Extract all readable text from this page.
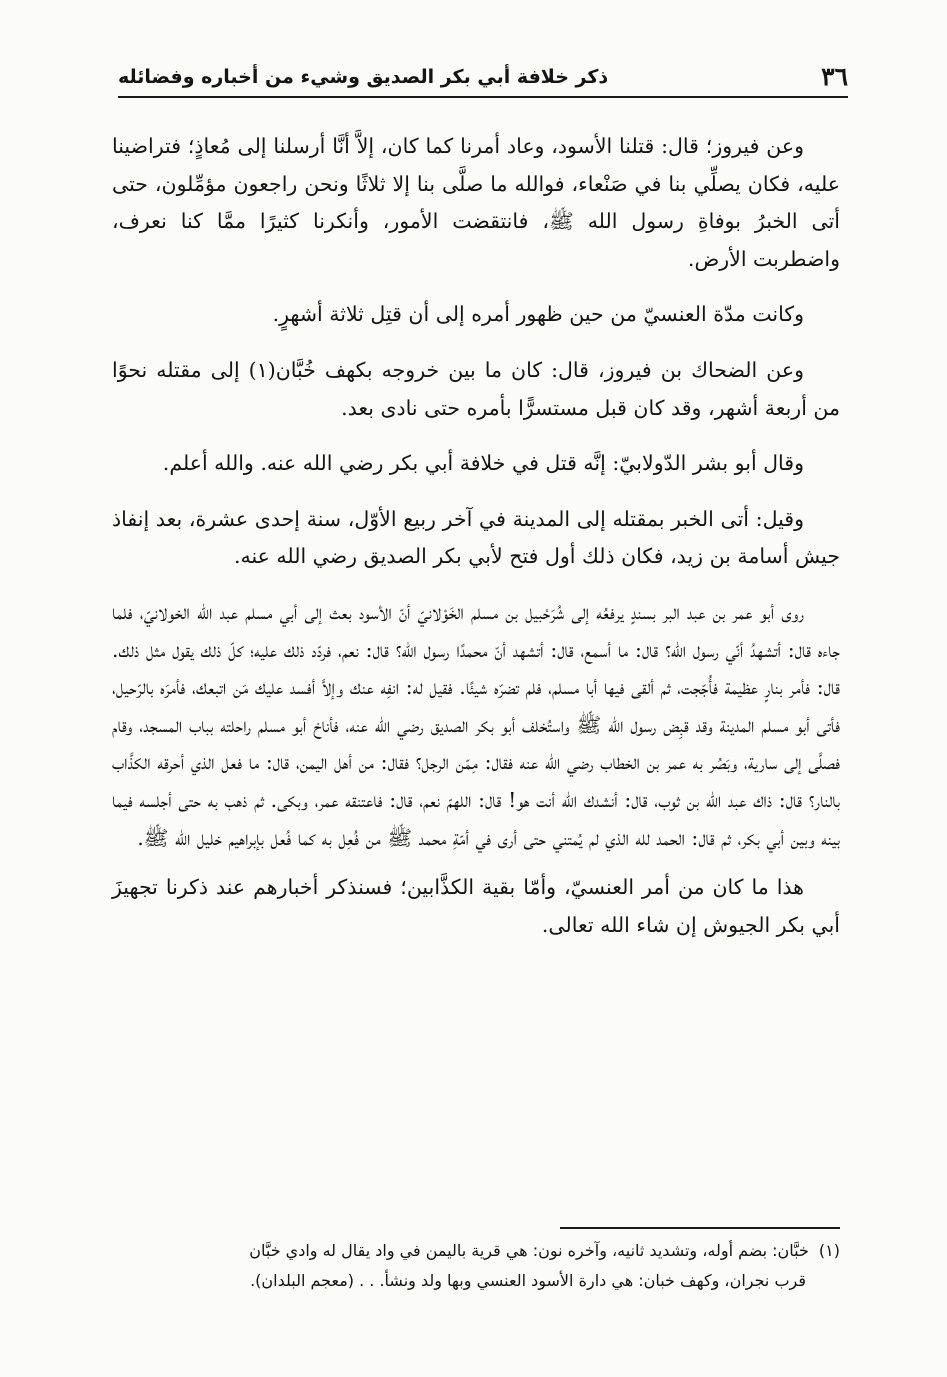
٣٦
ذكر خلافة أبي بكر الصديق وشيء من أخباره وفضائله

وعن فيروز؛ قال: قتلنا الأسود، وعاد أمرنا كما كان، إلاَّ أنَّا أرسلنا إلى مُعاذٍ؛ فتراضينا عليه، فكان يصلِّي بنا في صَنْعاء، فوالله ما صلَّى بنا إلا ثلاثًا ونحن راجعون مؤمِّلون، حتى أتى الخبرُ بوفاةِ رسول الله ﷺ، فانتقضت الأمور، وأنكرنا كثيرًا ممَّا كنا نعرف، واضطربت الأرض.

وكانت مدّة العنسيّ من حين ظهور أمره إلى أن قتِل ثلاثة أشهرٍ.

وعن الضحاك بن فيروز، قال: كان ما بين خروجه بكهف خُبَّان(١) إلى مقتله نحوًا من أربعة أشهر، وقد كان قبل مستسرًّا بأمره حتى نادى بعد.

وقال أبو بشر الدّولابيّ: إنَّه قتل في خلافة أبي بكر رضي الله عنه. والله أعلم.

وقيل: أتى الخبر بمقتله إلى المدينة في آخر ربيع الأوّل، سنة إحدى عشرة، بعد إنفاذ جيش أسامة بن زيد، فكان ذلك أول فتح لأبي بكر الصديق رضي الله عنه.

روى أبو عمر بن عبد البر بسندٍ يرفعُه إلى شُرَحْبيل بن مسلم الخَوْلانيّ أنّ الأسود بعث إلى أبي مسلم عبد الله الخولانيّ، فلما جاءه قال: أتشهدُ أنّي رسول الله؟ قال: ما أسمع، قال: أتشهد أنّ محمدًا رسول الله؟ قال: نعم، فردّد ذلك عليه؛ كلّ ذلك يقول مثل ذلك. قال: فأمر بنارٍ عظيمة فأُجّجت، ثم ألقى فيها أبا مسلم، فلم تضرّه شيئًا. فقيل له: انفِه عنك وإلاَّ أفسد عليك مَن اتبعك، فأمرَه بالرّحيل، فأتى أبو مسلم المدينة وقد قبِض رسول الله ﷺ واستُخلف أبو بكر الصديق رضي الله عنه، فأناخ أبو مسلم راحلته بباب المسجد، وقام فصلَّى إلى سارية، وبَصُر به عمر بن الخطاب رضي الله عنه فقال: مِمّن الرجل؟ فقال: من أهل اليمن، قال: ما فعل الذي أحرقه الكذَّاب بالنار؟ قال: ذاك عبد الله بن ثوب، قال: أنشدك الله أنت هو! قال: اللهمّ نعم، قال: فاعتنقه عمر، وبكى. ثم ذهب به حتى أجلسه فيما بينه وبين أبي بكر، ثم قال: الحمد لله الذي لم يُمتني حتى أرى في أمّةِ محمد ﷺ من فُعِل به كما فُعل بإبراهيم خليل الله ﷺ.

هذا ما كان من أمر العنسيّ، وأمّا بقية الكذَّابين؛ فسنذكر أخبارهم عند ذكرنا تجهيزَ أبي بكر الجيوش إن شاء الله تعالى.

(١)خبَّان: بضم أوله، وتشديد ثانيه، وآخره نون: هي قرية باليمن في واد يقال له وادي خبَّان
قرب نجران، وكهف خبان: هي دارة الأسود العنسي وبها ولد ونشأ. . . (معجم البلدان).
